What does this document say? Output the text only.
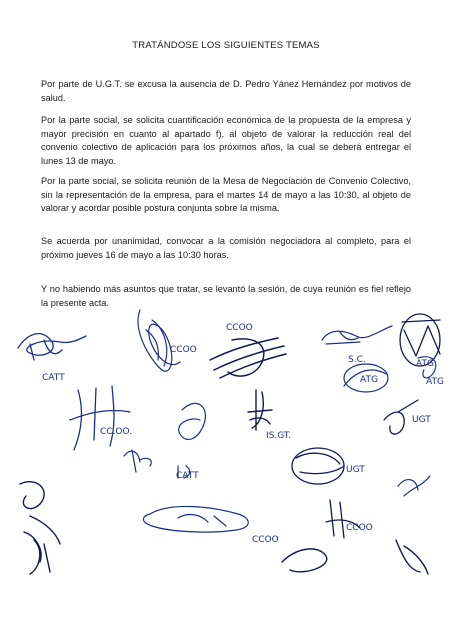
TRATÁNDOSE LOS SIGUIENTES TEMAS
Por parte de U.G.T. se excusa la ausencia de D. Pedro Yánez Hernández por motivos de salud.
Por la parte social, se solicita cuantificación económica de la propuesta de la empresa y mayor precisión en cuanto al apartado f), al objeto de valorar la reducción real del convenio colectivo de aplicación para los próximos años, la cual se deberá entregar el lunes 13 de mayo.
Por la parte social, se solicita reunión de la Mesa de Negociación de Convenio Colectivo, sin la representación de la empresa, para el martes 14 de mayo a las 10:30, al objeto de valorar y acordar posible postura conjunta sobre la misma.
Se acuerda por unanimidad, convocar a la comisión negociadora al completo, para el próximo jueves 16 de mayo a las 10:30 horas.
Y no habiendo más asuntos que tratar, se levantó la sesión, de cuya reunión es fiel reflejo la presente acta.
CATT
CCOO
CCOO
S.C.	ATG
CC.OO.	IS.GT.
ATG	ATG
UGT
CATT
UGT
CCOO
CCOO
